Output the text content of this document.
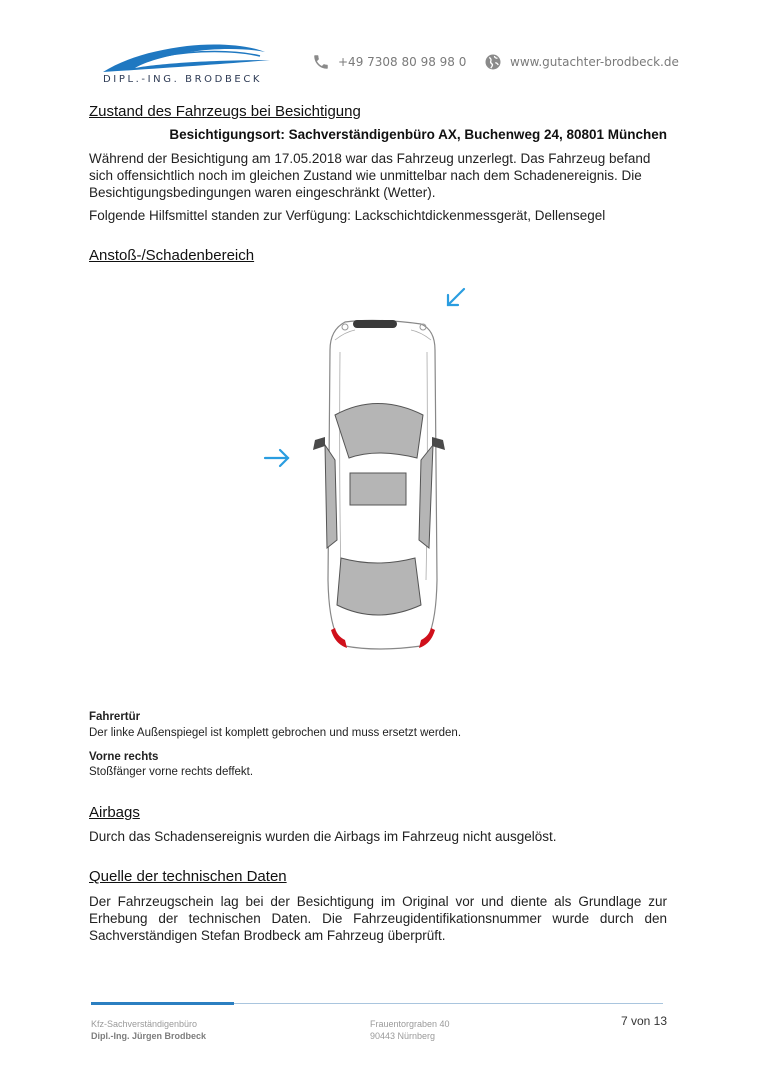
DIPL.-ING. BRODBECK
+49 7308 80 98 98 0	www.gutachter-brodbeck.de
Zustand des Fahrzeugs bei Besichtigung
Besichtigungsort: Sachverständigenbüro AX, Buchenweg 24, 80801 München

Während der Besichtigung am 17.05.2018 war das Fahrzeug unzerlegt. Das Fahrzeug befand sich offensichtlich noch im gleichen Zustand wie unmittelbar nach dem Schadenereignis. Die Besichtigungsbedingungen waren eingeschränkt (Wetter).

Folgende Hilfsmittel standen zur Verfügung: Lackschichtdickenmessgerät, Dellensegel

Anstoß-/Schadenbereich
Fahrertür
Der linke Außenspiegel ist komplett gebrochen und muss ersetzt werden.
Vorne rechts
Stoßfänger vorne rechts deffekt.
Airbags

Durch das Schadensereignis wurden die Airbags im Fahrzeug nicht ausgelöst.

Quelle der technischen Daten

Der Fahrzeugschein lag bei der Besichtigung im Original vor und diente als Grundlage zur Erhebung der technischen Daten. Die Fahrzeugidentifikationsnummer wurde durch den Sachverständigen Stefan Brodbeck am Fahrzeug überprüft.

Kfz-Sachverständigenbüro
Dipl.-Ing. Jürgen Brodbeck
Frauentorgraben 40
90443 Nürnberg
7 von 13
